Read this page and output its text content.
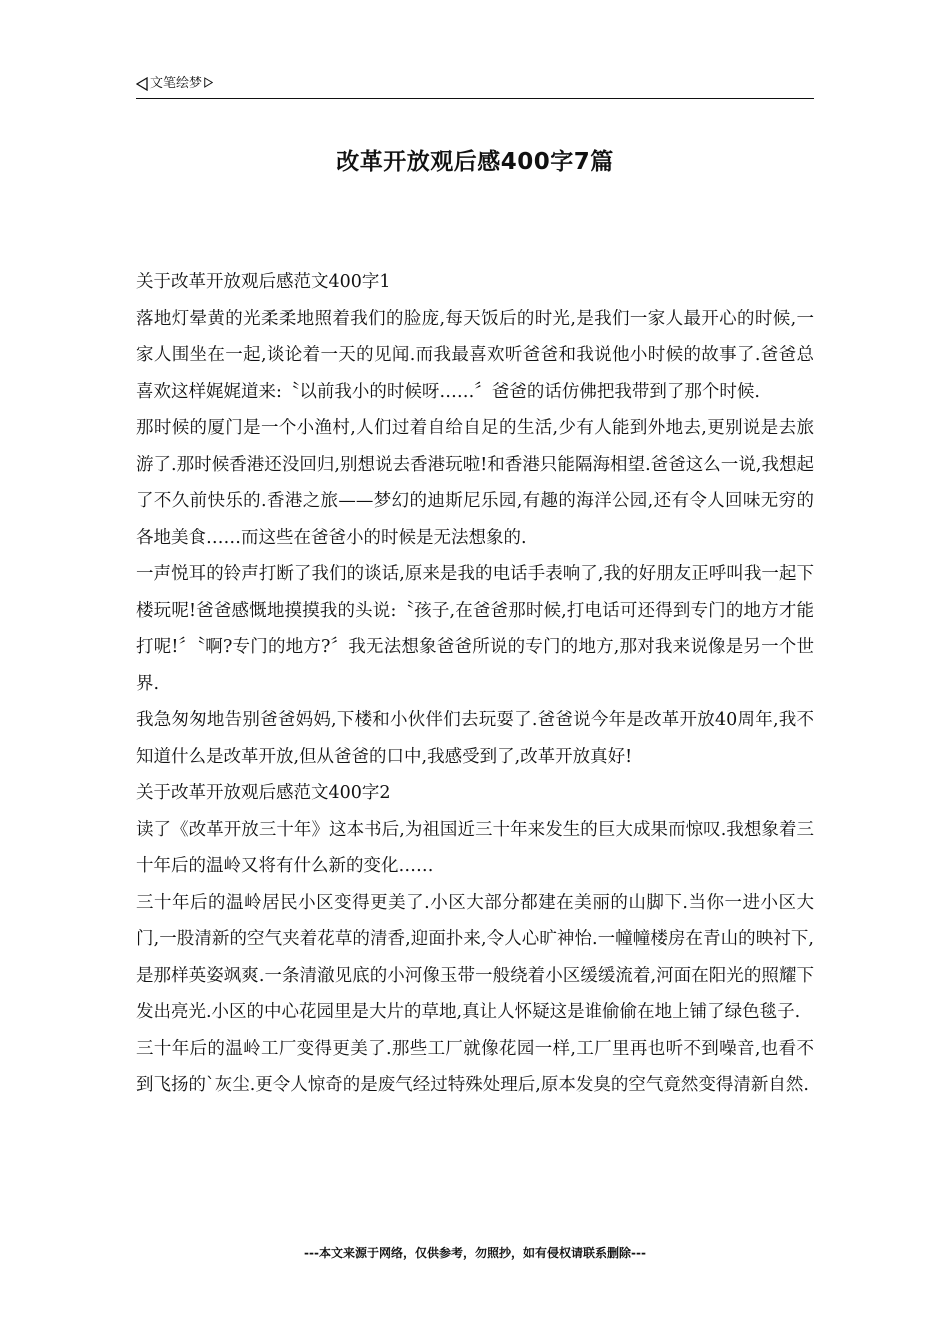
文笔绘梦
改革开放观后感400字7篇

关于改革开放观后感范文400字1

落地灯晕黄的光柔柔地照着我们的脸庞,每天饭后的时光,是我们一家人最开心的时候,一家人围坐在一起,谈论着一天的见闻.而我最喜欢听爸爸和我说他小时候的故事了.爸爸总喜欢这样娓娓道来:〝以前我小的时候呀……〞爸爸的话仿佛把我带到了那个时候.

那时候的厦门是一个小渔村,人们过着自给自足的生活,少有人能到外地去,更别说是去旅游了.那时候香港还没回归,别想说去香港玩啦!和香港只能隔海相望.爸爸这么一说,我想起了不久前快乐的.香港之旅——梦幻的迪斯尼乐园,有趣的海洋公园,还有令人回味无穷的各地美食……而这些在爸爸小的时候是无法想象的.

一声悦耳的铃声打断了我们的谈话,原来是我的电话手表响了,我的好朋友正呼叫我一起下楼玩呢!爸爸感慨地摸摸我的头说:〝孩子,在爸爸那时候,打电话可还得到专门的地方才能打呢!〞〝啊?专门的地方?〞我无法想象爸爸所说的专门的地方,那对我来说像是另一个世界.

我急匆匆地告别爸爸妈妈,下楼和小伙伴们去玩耍了.爸爸说今年是改革开放40周年,我不知道什么是改革开放,但从爸爸的口中,我感受到了,改革开放真好!

关于改革开放观后感范文400字2

读了《改革开放三十年》这本书后,为祖国近三十年来发生的巨大成果而惊叹.我想象着三十年后的温岭又将有什么新的变化……

三十年后的温岭居民小区变得更美了.小区大部分都建在美丽的山脚下.当你一进小区大门,一股清新的空气夹着花草的清香,迎面扑来,令人心旷神怡.一幢幢楼房在青山的映衬下,是那样英姿飒爽.一条清澈见底的小河像玉带一般绕着小区缓缓流着,河面在阳光的照耀下发出亮光.小区的中心花园里是大片的草地,真让人怀疑这是谁偷偷在地上铺了绿色毯子.

三十年后的温岭工厂变得更美了.那些工厂就像花园一样,工厂里再也听不到噪音,也看不到飞扬的`灰尘.更令人惊奇的是废气经过特殊处理后,原本发臭的空气竟然变得清新自然.

---本文来源于网络，仅供参考，勿照抄，如有侵权请联系删除---
